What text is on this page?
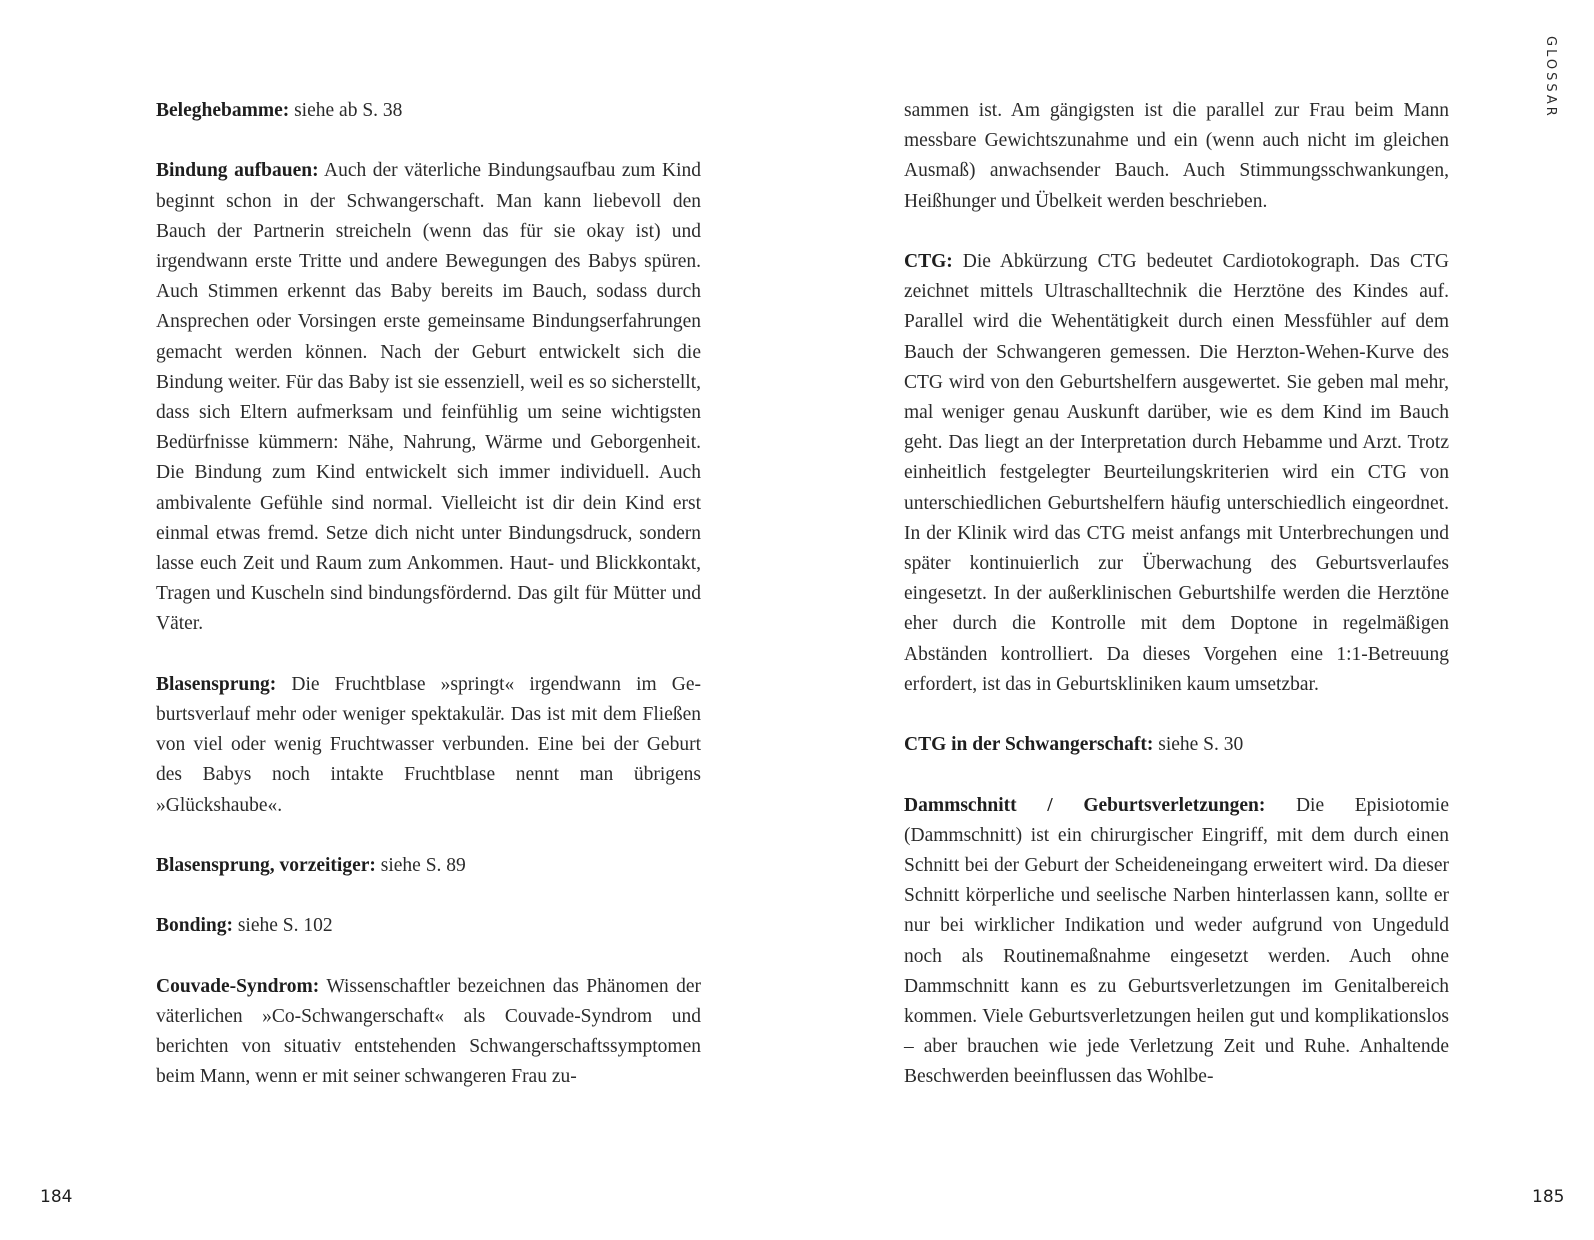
GLOSSAR

Beleghebamme: siehe ab S. 38

Bindung aufbauen: Auch der väterliche Bindungsaufbau zum Kind beginnt schon in der Schwangerschaft. Man kann liebevoll den Bauch der Partnerin streicheln (wenn das für sie okay ist) und irgendwann erste Tritte und andere Bewegungen des Babys spüren. Auch Stimmen erkennt das Baby bereits im Bauch, sodass durch Ansprechen oder Vorsingen erste gemeinsame Bindungserfahrungen gemacht werden können. Nach der Geburt entwickelt sich die Bindung weiter. Für das Baby ist sie essenziell, weil es so sicherstellt, dass sich Eltern aufmerksam und feinfühlig um seine wichtigsten Bedürfnisse kümmern: Nähe, Nahrung, Wärme und Geborgenheit. Die Bindung zum Kind entwickelt sich immer individuell. Auch ambivalente Gefühle sind normal. Vielleicht ist dir dein Kind erst einmal etwas fremd. Setze dich nicht unter Bindungsdruck, sondern lasse euch Zeit und Raum zum Ankommen. Haut- und Blickkontakt, Tragen und Kuscheln sind bindungsfördernd. Das gilt für Mütter und Väter.

Blasensprung: Die Fruchtblase »springt« irgendwann im Geburtsverlauf mehr oder weniger spektakulär. Das ist mit dem Fließen von viel oder wenig Fruchtwasser verbunden. Eine bei der Geburt des Babys noch intakte Fruchtblase nennt man übrigens »Glückshaube«.

Blasensprung, vorzeitiger: siehe S. 89

Bonding: siehe S. 102

Couvade-Syndrom: Wissenschaftler bezeichnen das Phänomen der väterlichen »Co-Schwangerschaft« als Couvade-Syndrom und berichten von situativ entstehenden Schwangerschaftssymptomen beim Mann, wenn er mit seiner schwangeren Frau zu-

sammen ist. Am gängigsten ist die parallel zur Frau beim Mann messbare Gewichtszunahme und ein (wenn auch nicht im gleichen Ausmaß) anwachsender Bauch. Auch Stimmungsschwankungen, Heißhunger und Übelkeit werden beschrieben.

CTG: Die Abkürzung CTG bedeutet Cardiotokograph. Das CTG zeichnet mittels Ultraschalltechnik die Herztöne des Kindes auf. Parallel wird die Wehentätigkeit durch einen Messfühler auf dem Bauch der Schwangeren gemessen. Die Herzton-Wehen-Kurve des CTG wird von den Geburtshelfern ausgewertet. Sie geben mal mehr, mal weniger genau Auskunft darüber, wie es dem Kind im Bauch geht. Das liegt an der Interpretation durch Hebamme und Arzt. Trotz einheitlich festgelegter Beurteilungskriterien wird ein CTG von unterschiedlichen Geburtshelfern häufig unterschiedlich eingeordnet. In der Klinik wird das CTG meist anfangs mit Unterbrechungen und später kontinuierlich zur Überwachung des Geburtsverlaufes eingesetzt. In der außerklinischen Geburtshilfe werden die Herztöne eher durch die Kontrolle mit dem Doptone in regelmäßigen Abständen kontrolliert. Da dieses Vorgehen eine 1:1-Betreuung erfordert, ist das in Geburtskliniken kaum umsetzbar.

CTG in der Schwangerschaft: siehe S. 30

Dammschnitt / Geburtsverletzungen: Die Episiotomie (Dammschnitt) ist ein chirurgischer Eingriff, mit dem durch einen Schnitt bei der Geburt der Scheideneingang erweitert wird. Da dieser Schnitt körperliche und seelische Narben hinterlassen kann, sollte er nur bei wirklicher Indikation und weder aufgrund von Ungeduld noch als Routinemaßnahme eingesetzt werden. Auch ohne Dammschnitt kann es zu Geburtsverletzungen im Genitalbereich kommen. Viele Geburtsverletzungen heilen gut und komplikationslos – aber brauchen wie jede Verletzung Zeit und Ruhe. Anhaltende Beschwerden beeinflussen das Wohlbe-

184	185
